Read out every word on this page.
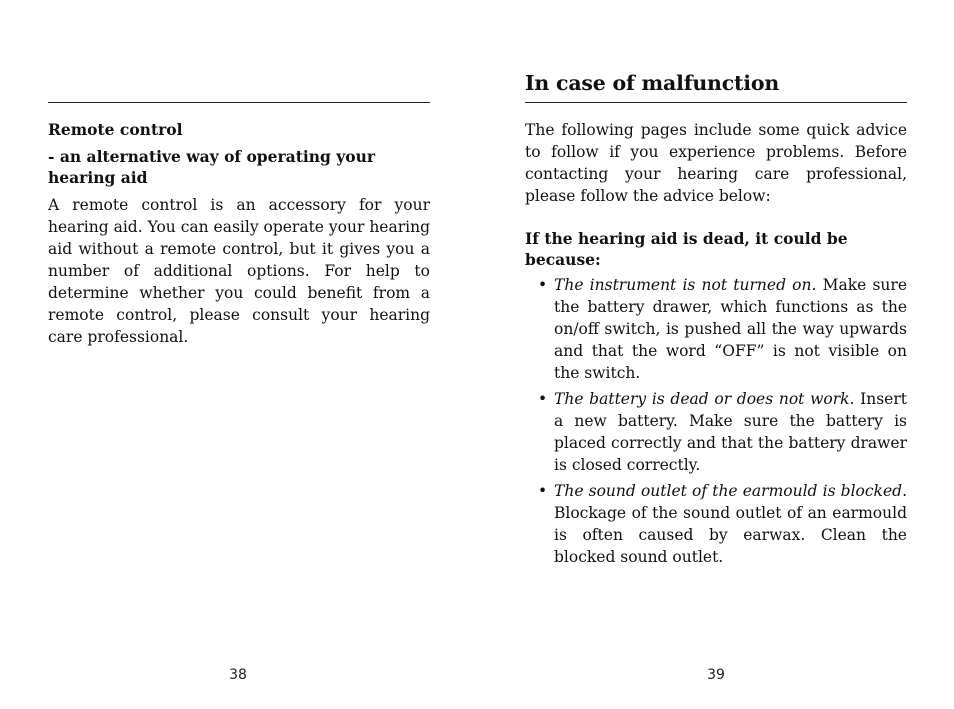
Remote control

- an alternative way of operating your hearing aid

A remote control is an accessory for your hearing aid. You can easily operate your hearing aid without a remote control, but it gives you a number of additional options. For help to determine whether you could benefit from a remote control, please consult your hearing care professional.

38
In case of malfunction

The following pages include some quick advice to follow if you experience problems. Before contacting your hearing care professional, please follow the advice below:

If the hearing aid is dead, it could be because:

• The instrument is not turned on. Make sure the battery drawer, which functions as the on/off switch, is pushed all the way upwards and that the word “OFF” is not visible on the switch.
• The battery is dead or does not work. Insert a new battery. Make sure the battery is placed correctly and that the battery drawer is closed correctly.
• The sound outlet of the earmould is blocked. Blockage of the sound outlet of an earmould is often caused by earwax. Clean the blocked sound outlet.
39
